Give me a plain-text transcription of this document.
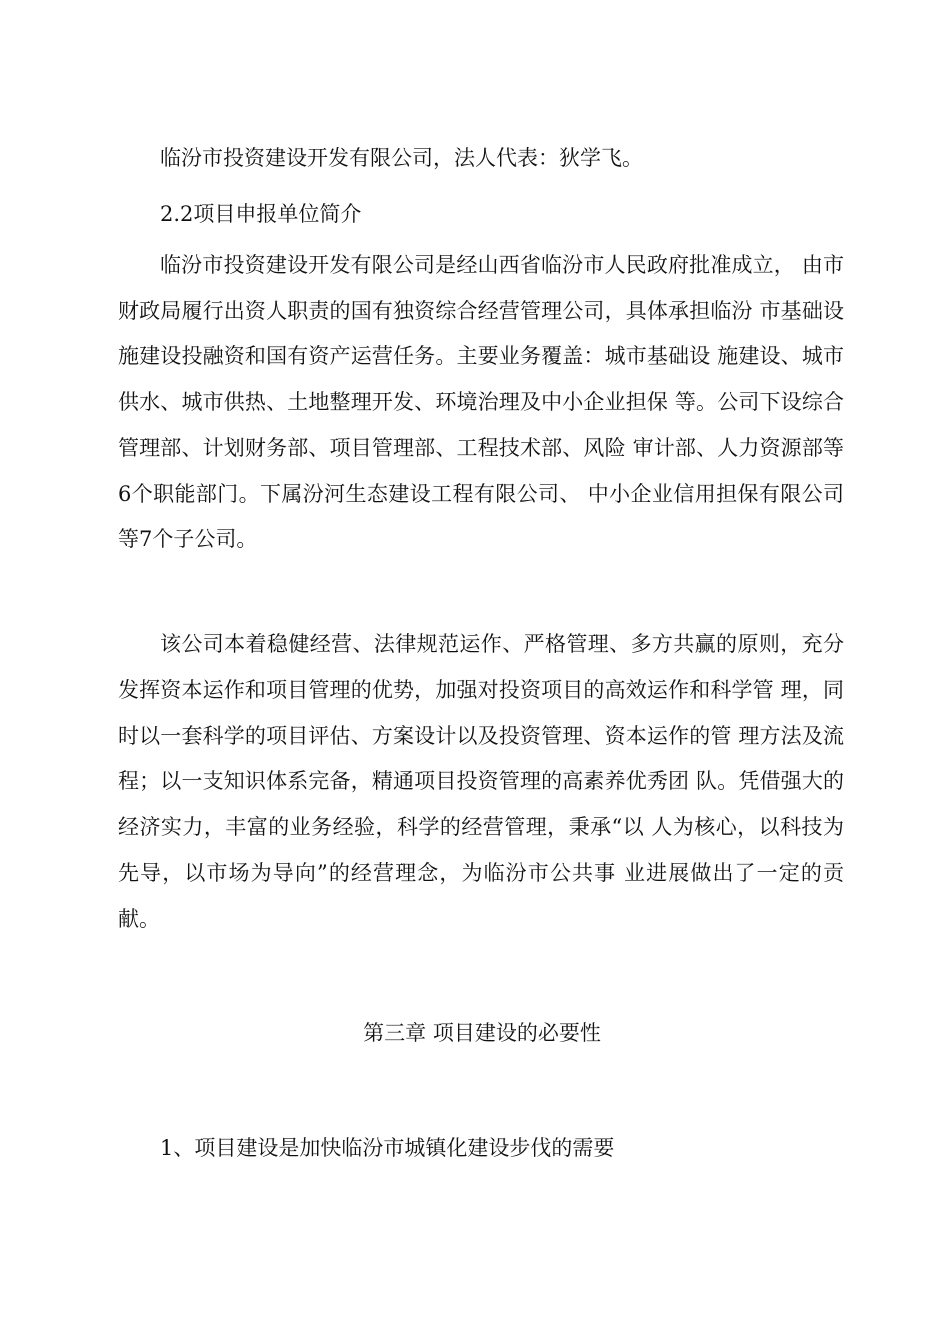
临汾市投资建设开发有限公司，法人代表：狄学飞。
2.2项目申报单位简介
临汾市投资建设开发有限公司是经山西省临汾市人民政府批准成立， 由市财政局履行出资人职责的国有独资综合经营管理公司，具体承担临汾 市基础设施建设投融资和国有资产运营任务。主要业务覆盖：城市基础设 施建设、城市供水、城市供热、土地整理开发、环境治理及中小企业担保 等。公司下设综合管理部、计划财务部、项目管理部、工程技术部、风险 审计部、人力资源部等6个职能部门。下属汾河生态建设工程有限公司、 中小企业信用担保有限公司等7个子公司。
该公司本着稳健经营、法律规范运作、严格管理、多方共赢的原则，充分发挥资本运作和项目管理的优势，加强对投资项目的高效运作和科学管 理，同时以一套科学的项目评估、方案设计以及投资管理、资本运作的管 理方法及流程；以一支知识体系完备，精通项目投资管理的高素养优秀团 队。凭借强大的经济实力，丰富的业务经验，科学的经营管理，秉承“以 人为核心，以科技为先导，以市场为导向”的经营理念，为临汾市公共事 业进展做出了一定的贡献。
第三章 项目建设的必要性
1、项目建设是加快临汾市城镇化建设步伐的需要
